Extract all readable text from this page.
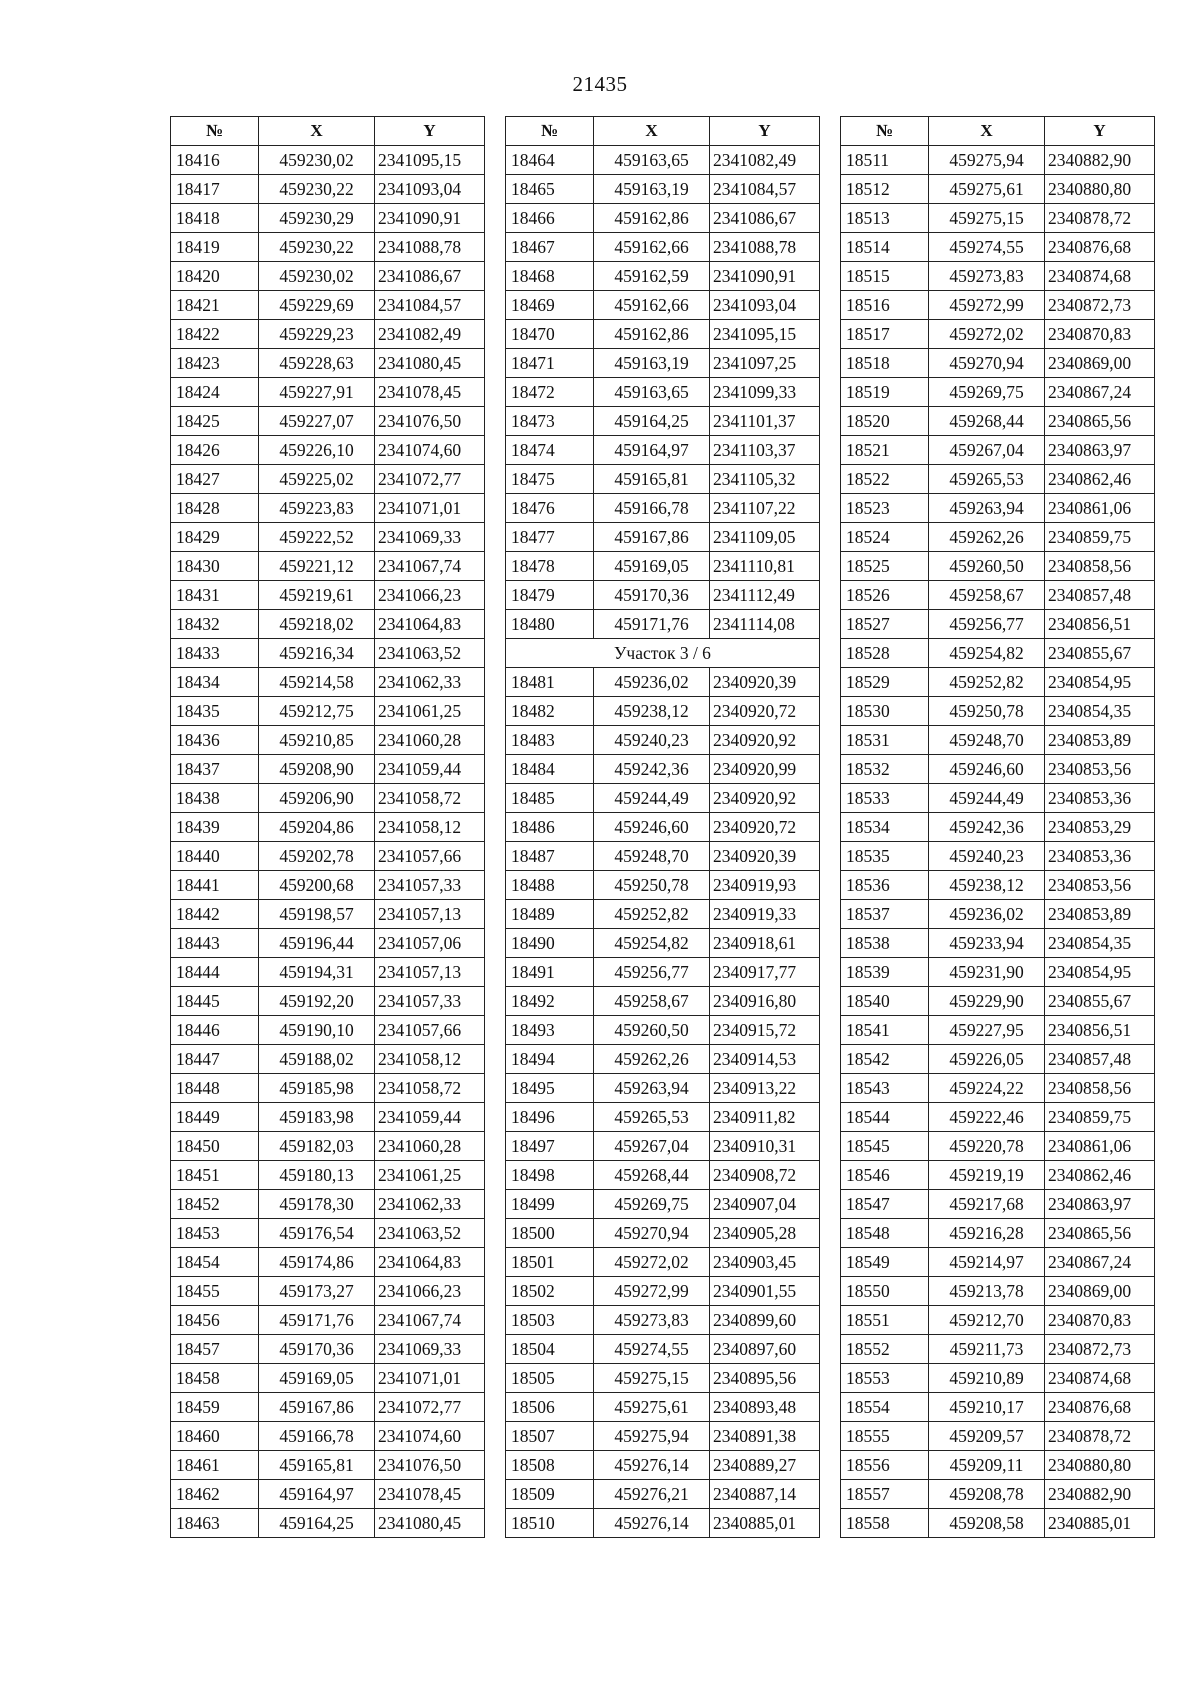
21435
№	X	Y
18416	459230,02	2341095,15
18417	459230,22	2341093,04
18418	459230,29	2341090,91
18419	459230,22	2341088,78
18420	459230,02	2341086,67
18421	459229,69	2341084,57
18422	459229,23	2341082,49
18423	459228,63	2341080,45
18424	459227,91	2341078,45
18425	459227,07	2341076,50
18426	459226,10	2341074,60
18427	459225,02	2341072,77
18428	459223,83	2341071,01
18429	459222,52	2341069,33
18430	459221,12	2341067,74
18431	459219,61	2341066,23
18432	459218,02	2341064,83
18433	459216,34	2341063,52
18434	459214,58	2341062,33
18435	459212,75	2341061,25
18436	459210,85	2341060,28
18437	459208,90	2341059,44
18438	459206,90	2341058,72
18439	459204,86	2341058,12
18440	459202,78	2341057,66
18441	459200,68	2341057,33
18442	459198,57	2341057,13
18443	459196,44	2341057,06
18444	459194,31	2341057,13
18445	459192,20	2341057,33
18446	459190,10	2341057,66
18447	459188,02	2341058,12
18448	459185,98	2341058,72
18449	459183,98	2341059,44
18450	459182,03	2341060,28
18451	459180,13	2341061,25
18452	459178,30	2341062,33
18453	459176,54	2341063,52
18454	459174,86	2341064,83
18455	459173,27	2341066,23
18456	459171,76	2341067,74
18457	459170,36	2341069,33
18458	459169,05	2341071,01
18459	459167,86	2341072,77
18460	459166,78	2341074,60
18461	459165,81	2341076,50
18462	459164,97	2341078,45
18463	459164,25	2341080,45
№	X	Y
18464	459163,65	2341082,49
18465	459163,19	2341084,57
18466	459162,86	2341086,67
18467	459162,66	2341088,78
18468	459162,59	2341090,91
18469	459162,66	2341093,04
18470	459162,86	2341095,15
18471	459163,19	2341097,25
18472	459163,65	2341099,33
18473	459164,25	2341101,37
18474	459164,97	2341103,37
18475	459165,81	2341105,32
18476	459166,78	2341107,22
18477	459167,86	2341109,05
18478	459169,05	2341110,81
18479	459170,36	2341112,49
18480	459171,76	2341114,08
Участок 3 / 6		
18481	459236,02	2340920,39
18482	459238,12	2340920,72
18483	459240,23	2340920,92
18484	459242,36	2340920,99
18485	459244,49	2340920,92
18486	459246,60	2340920,72
18487	459248,70	2340920,39
18488	459250,78	2340919,93
18489	459252,82	2340919,33
18490	459254,82	2340918,61
18491	459256,77	2340917,77
18492	459258,67	2340916,80
18493	459260,50	2340915,72
18494	459262,26	2340914,53
18495	459263,94	2340913,22
18496	459265,53	2340911,82
18497	459267,04	2340910,31
18498	459268,44	2340908,72
18499	459269,75	2340907,04
18500	459270,94	2340905,28
18501	459272,02	2340903,45
18502	459272,99	2340901,55
18503	459273,83	2340899,60
18504	459274,55	2340897,60
18505	459275,15	2340895,56
18506	459275,61	2340893,48
18507	459275,94	2340891,38
18508	459276,14	2340889,27
18509	459276,21	2340887,14
18510	459276,14	2340885,01
№	X	Y
18511	459275,94	2340882,90
18512	459275,61	2340880,80
18513	459275,15	2340878,72
18514	459274,55	2340876,68
18515	459273,83	2340874,68
18516	459272,99	2340872,73
18517	459272,02	2340870,83
18518	459270,94	2340869,00
18519	459269,75	2340867,24
18520	459268,44	2340865,56
18521	459267,04	2340863,97
18522	459265,53	2340862,46
18523	459263,94	2340861,06
18524	459262,26	2340859,75
18525	459260,50	2340858,56
18526	459258,67	2340857,48
18527	459256,77	2340856,51
18528	459254,82	2340855,67
18529	459252,82	2340854,95
18530	459250,78	2340854,35
18531	459248,70	2340853,89
18532	459246,60	2340853,56
18533	459244,49	2340853,36
18534	459242,36	2340853,29
18535	459240,23	2340853,36
18536	459238,12	2340853,56
18537	459236,02	2340853,89
18538	459233,94	2340854,35
18539	459231,90	2340854,95
18540	459229,90	2340855,67
18541	459227,95	2340856,51
18542	459226,05	2340857,48
18543	459224,22	2340858,56
18544	459222,46	2340859,75
18545	459220,78	2340861,06
18546	459219,19	2340862,46
18547	459217,68	2340863,97
18548	459216,28	2340865,56
18549	459214,97	2340867,24
18550	459213,78	2340869,00
18551	459212,70	2340870,83
18552	459211,73	2340872,73
18553	459210,89	2340874,68
18554	459210,17	2340876,68
18555	459209,57	2340878,72
18556	459209,11	2340880,80
18557	459208,78	2340882,90
18558	459208,58	2340885,01
